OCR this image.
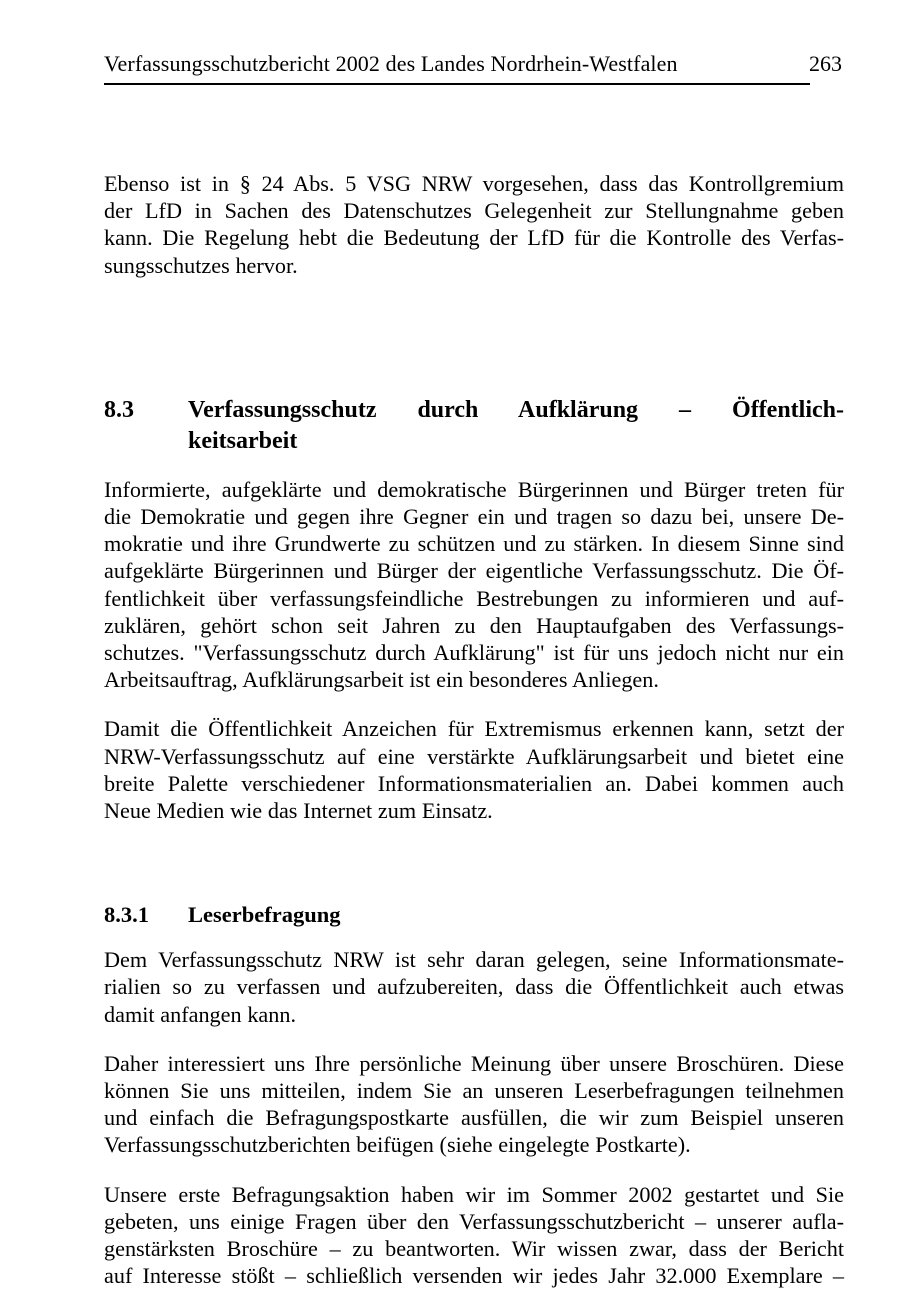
Verfassungsschutzbericht 2002 des Landes Nordrhein-Westfalen	263

Ebenso ist in § 24 Abs. 5 VSG NRW vorgesehen, dass das Kontrollgremium
der LfD in Sachen des Datenschutzes Gelegenheit zur Stellungnahme geben
kann. Die Regelung hebt die Bedeutung der LfD für die Kontrolle des Verfas-
sungsschutzes hervor.

8.3	Verfassungsschutz durch Aufklärung – Öffentlich-
keitsarbeit

Informierte, aufgeklärte und demokratische Bürgerinnen und Bürger treten für
die Demokratie und gegen ihre Gegner ein und tragen so dazu bei, unsere De-
mokratie und ihre Grundwerte zu schützen und zu stärken. In diesem Sinne sind
aufgeklärte Bürgerinnen und Bürger der eigentliche Verfassungsschutz. Die Öf-
fentlichkeit über verfassungsfeindliche Bestrebungen zu informieren und auf-
zuklären, gehört schon seit Jahren zu den Hauptaufgaben des Verfassungs-
schutzes. "Verfassungsschutz durch Aufklärung" ist für uns jedoch nicht nur ein
Arbeitsauftrag, Aufklärungsarbeit ist ein besonderes Anliegen.

Damit die Öffentlichkeit Anzeichen für Extremismus erkennen kann, setzt der
NRW-Verfassungsschutz auf eine verstärkte Aufklärungsarbeit und bietet eine
breite Palette verschiedener Informationsmaterialien an. Dabei kommen auch
Neue Medien wie das Internet zum Einsatz.

8.3.1	Leserbefragung

Dem Verfassungsschutz NRW ist sehr daran gelegen, seine Informationsmate-
rialien so zu verfassen und aufzubereiten, dass die Öffentlichkeit auch etwas
damit anfangen kann.

Daher interessiert uns Ihre persönliche Meinung über unsere Broschüren. Diese
können Sie uns mitteilen, indem Sie an unseren Leserbefragungen teilnehmen
und einfach die Befragungspostkarte ausfüllen, die wir zum Beispiel unseren
Verfassungsschutzberichten beifügen (siehe eingelegte Postkarte).

Unsere erste Befragungsaktion haben wir im Sommer 2002 gestartet und Sie
gebeten, uns einige Fragen über den Verfassungsschutzbericht – unserer aufla-
genstärksten Broschüre – zu beantworten. Wir wissen zwar, dass der Bericht
auf Interesse stößt – schließlich versenden wir jedes Jahr 32.000 Exemplare –
